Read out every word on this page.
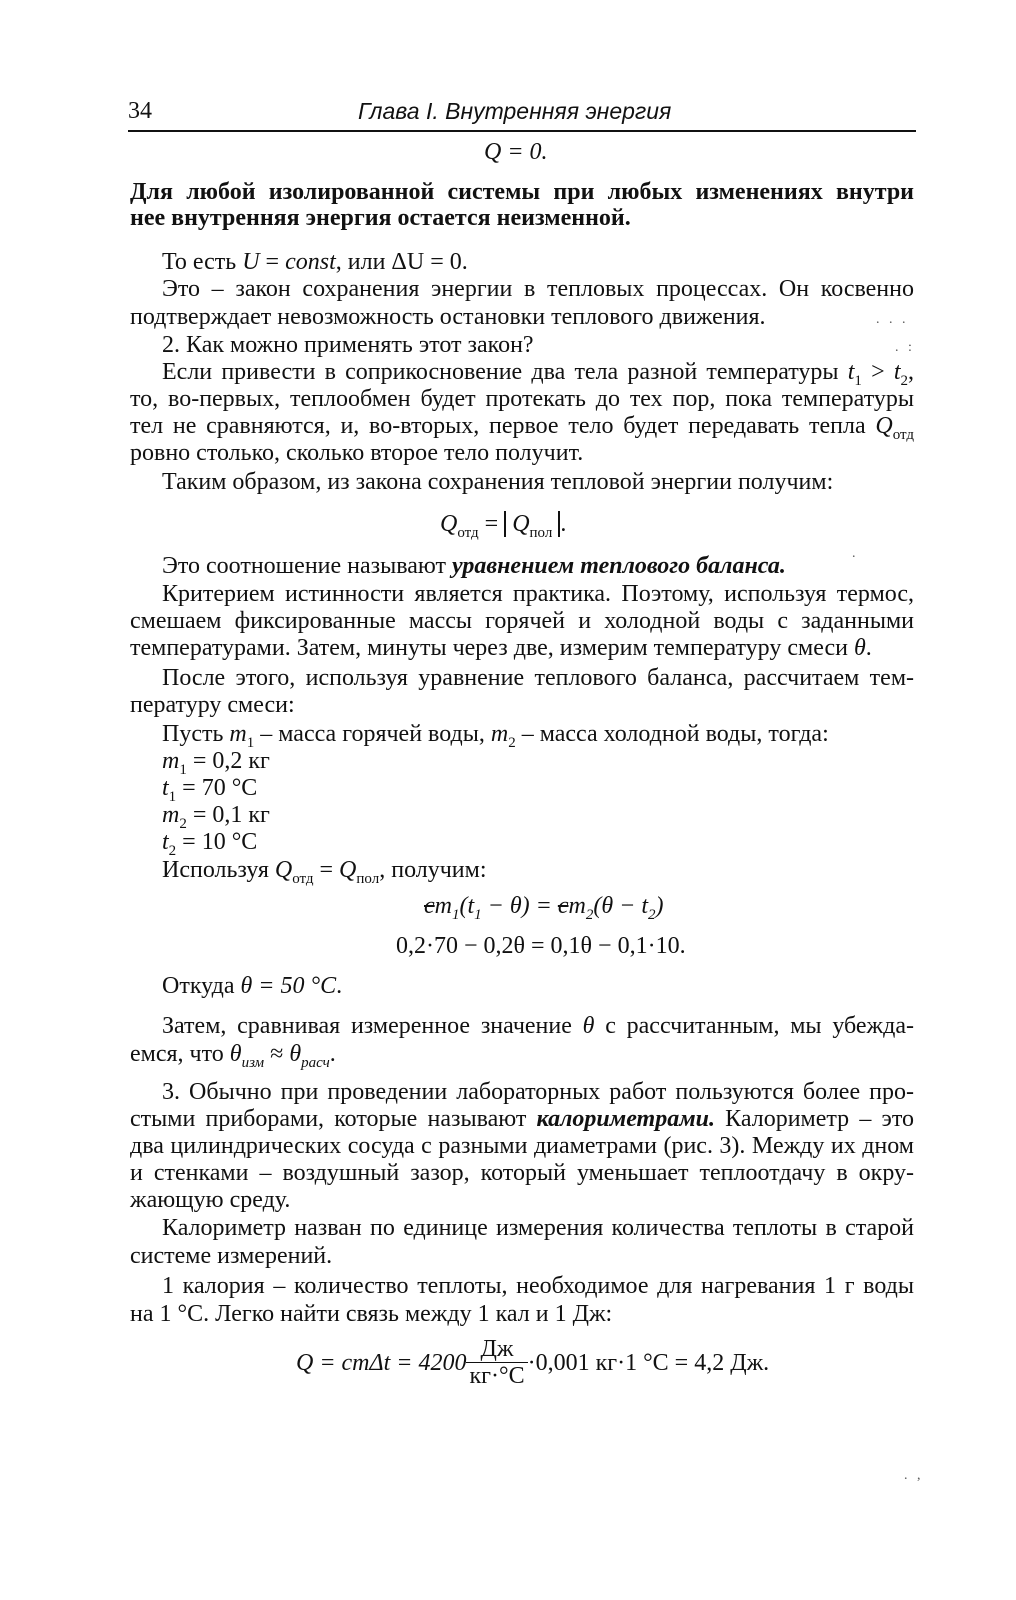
34	Глава I. Внутренняя энергия
Q = 0.
Для любой изолированной системы при любых изменениях внутри
нее внутренняя энергия остается неизменной.
То есть U = const, или ΔU = 0.
Это – закон сохранения энергии в тепловых процессах. Он косвенно
подтверждает невозможность остановки теплового движения.	. . .
2. Как можно применять этот закон?	. :
Если привести в соприкосновение два тела разной температуры $t_1 > t_2$,
то, во-первых, теплообмен будет протекать до тех пор, пока температуры
тел не сравняются, и, во-вторых, первое тело будет передавать тепла $Q_{отд}$
ровно столько, сколько второе тело получит.
Таким образом, из закона сохранения тепловой энергии получим:
$Q_{отд} = Q_{пол}$ .
Это соотношение называют уравнением теплового баланса.	.
Критерием истинности является практика. Поэтому, используя термос,
смешаем фиксированные массы горячей и холодной воды с заданными
температурами. Затем, минуты через две, измерим температуру смеси θ.
После этого, используя уравнение теплового баланса, рассчитаем тем-
пературу смеси:
Пусть $m_1$ – масса горячей воды, $m_2$ – масса холодной воды, тогда:
$m_1 = 0,2$ кг
$t_1 = 70$ °C
$m_2 = 0,1$ кг
$t_2 = 10$ °C
Используя $Q_{отд} = Q_{пол}$, получим:
$cm_1(t_1 - \theta) = cm_2(\theta - t_2)$
0,2·70 − 0,2θ = 0,1θ − 0,1·10.
Откуда θ = 50 °C.
Затем, сравнивая измеренное значение θ с рассчитанным, мы убежда-
емся, что $\theta_{изм} \approx \theta_{расч}$.
3. Обычно при проведении лабораторных работ пользуются более про-
стыми приборами, которые называют калориметрами. Калориметр – это
два цилиндрических сосуда с разными диаметрами (рис. 3). Между их дном
и стенками – воздушный зазор, который уменьшает теплоотдачу в окру-
жающую среду.
Калориметр назван по единице измерения количества теплоты в старой
системе измерений.
1 калория – количество теплоты, необходимое для нагревания 1 г воды
на 1 °C. Легко найти связь между 1 кал и 1 Дж:
$Q = cm\Delta t = 4200 \frac{Дж}{кг\cdot^\circ C} \cdot 0,001$ кг·1 °C = 4,2 Дж.
. ,
